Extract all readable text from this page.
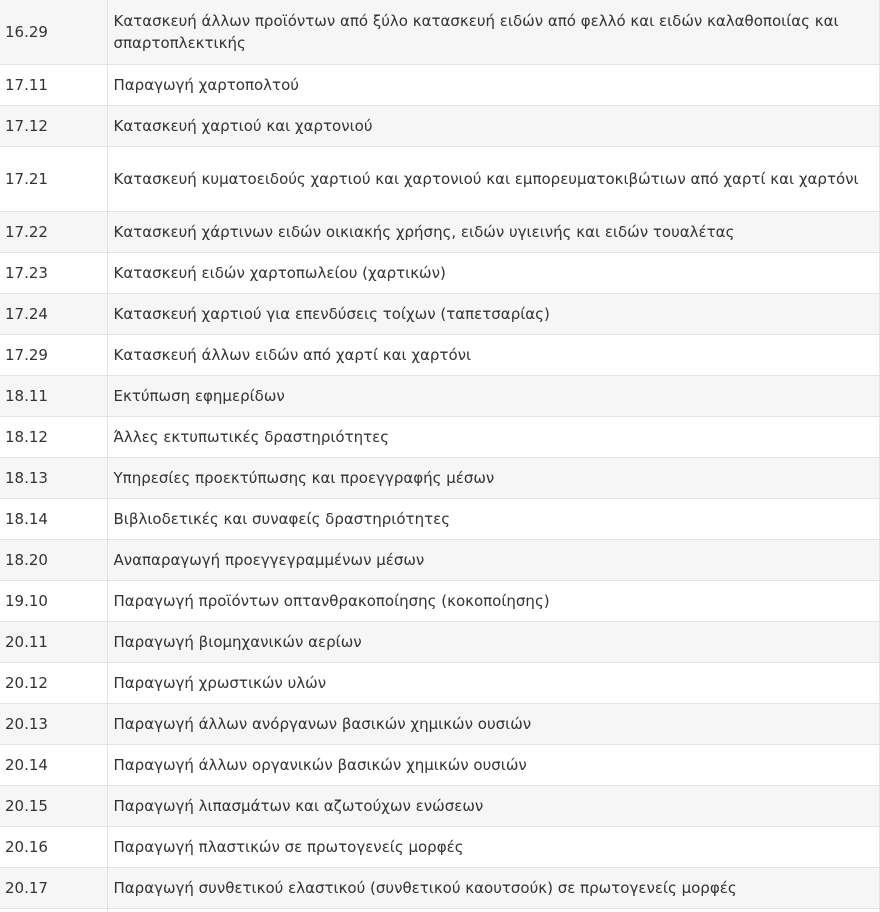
16.29	Κατασκευή άλλων προϊόντων από ξύλο κατασκευή ειδών από φελλό και ειδών καλαθοποιίας και σπαρτοπλεκτικής
17.11	Παραγωγή χαρτοπολτού
17.12	Κατασκευή χαρτιού και χαρτονιού
17.21	Κατασκευή κυματοειδούς χαρτιού και χαρτονιού και εμπορευματοκιβώτιων από χαρτί και χαρτόνι
17.22	Κατασκευή χάρτινων ειδών οικιακής χρήσης, ειδών υγιεινής και ειδών τουαλέτας
17.23	Κατασκευή ειδών χαρτοπωλείου (χαρτικών)
17.24	Κατασκευή χαρτιού για επενδύσεις τοίχων (ταπετσαρίας)
17.29	Κατασκευή άλλων ειδών από χαρτί και χαρτόνι
18.11	Εκτύπωση εφημερίδων
18.12	Άλλες εκτυπωτικές δραστηριότητες
18.13	Υπηρεσίες προεκτύπωσης και προεγγραφής μέσων
18.14	Βιβλιοδετικές και συναφείς δραστηριότητες
18.20	Αναπαραγωγή προεγγεγραμμένων μέσων
19.10	Παραγωγή προϊόντων οπτανθρακοποίησης (κοκοποίησης)
20.11	Παραγωγή βιομηχανικών αερίων
20.12	Παραγωγή χρωστικών υλών
20.13	Παραγωγή άλλων ανόργανων βασικών χημικών ουσιών
20.14	Παραγωγή άλλων οργανικών βασικών χημικών ουσιών
20.15	Παραγωγή λιπασμάτων και αζωτούχων ενώσεων
20.16	Παραγωγή πλαστικών σε πρωτογενείς μορφές
20.17	Παραγωγή συνθετικού ελαστικού (συνθετικού καουτσούκ) σε πρωτογενείς μορφές
